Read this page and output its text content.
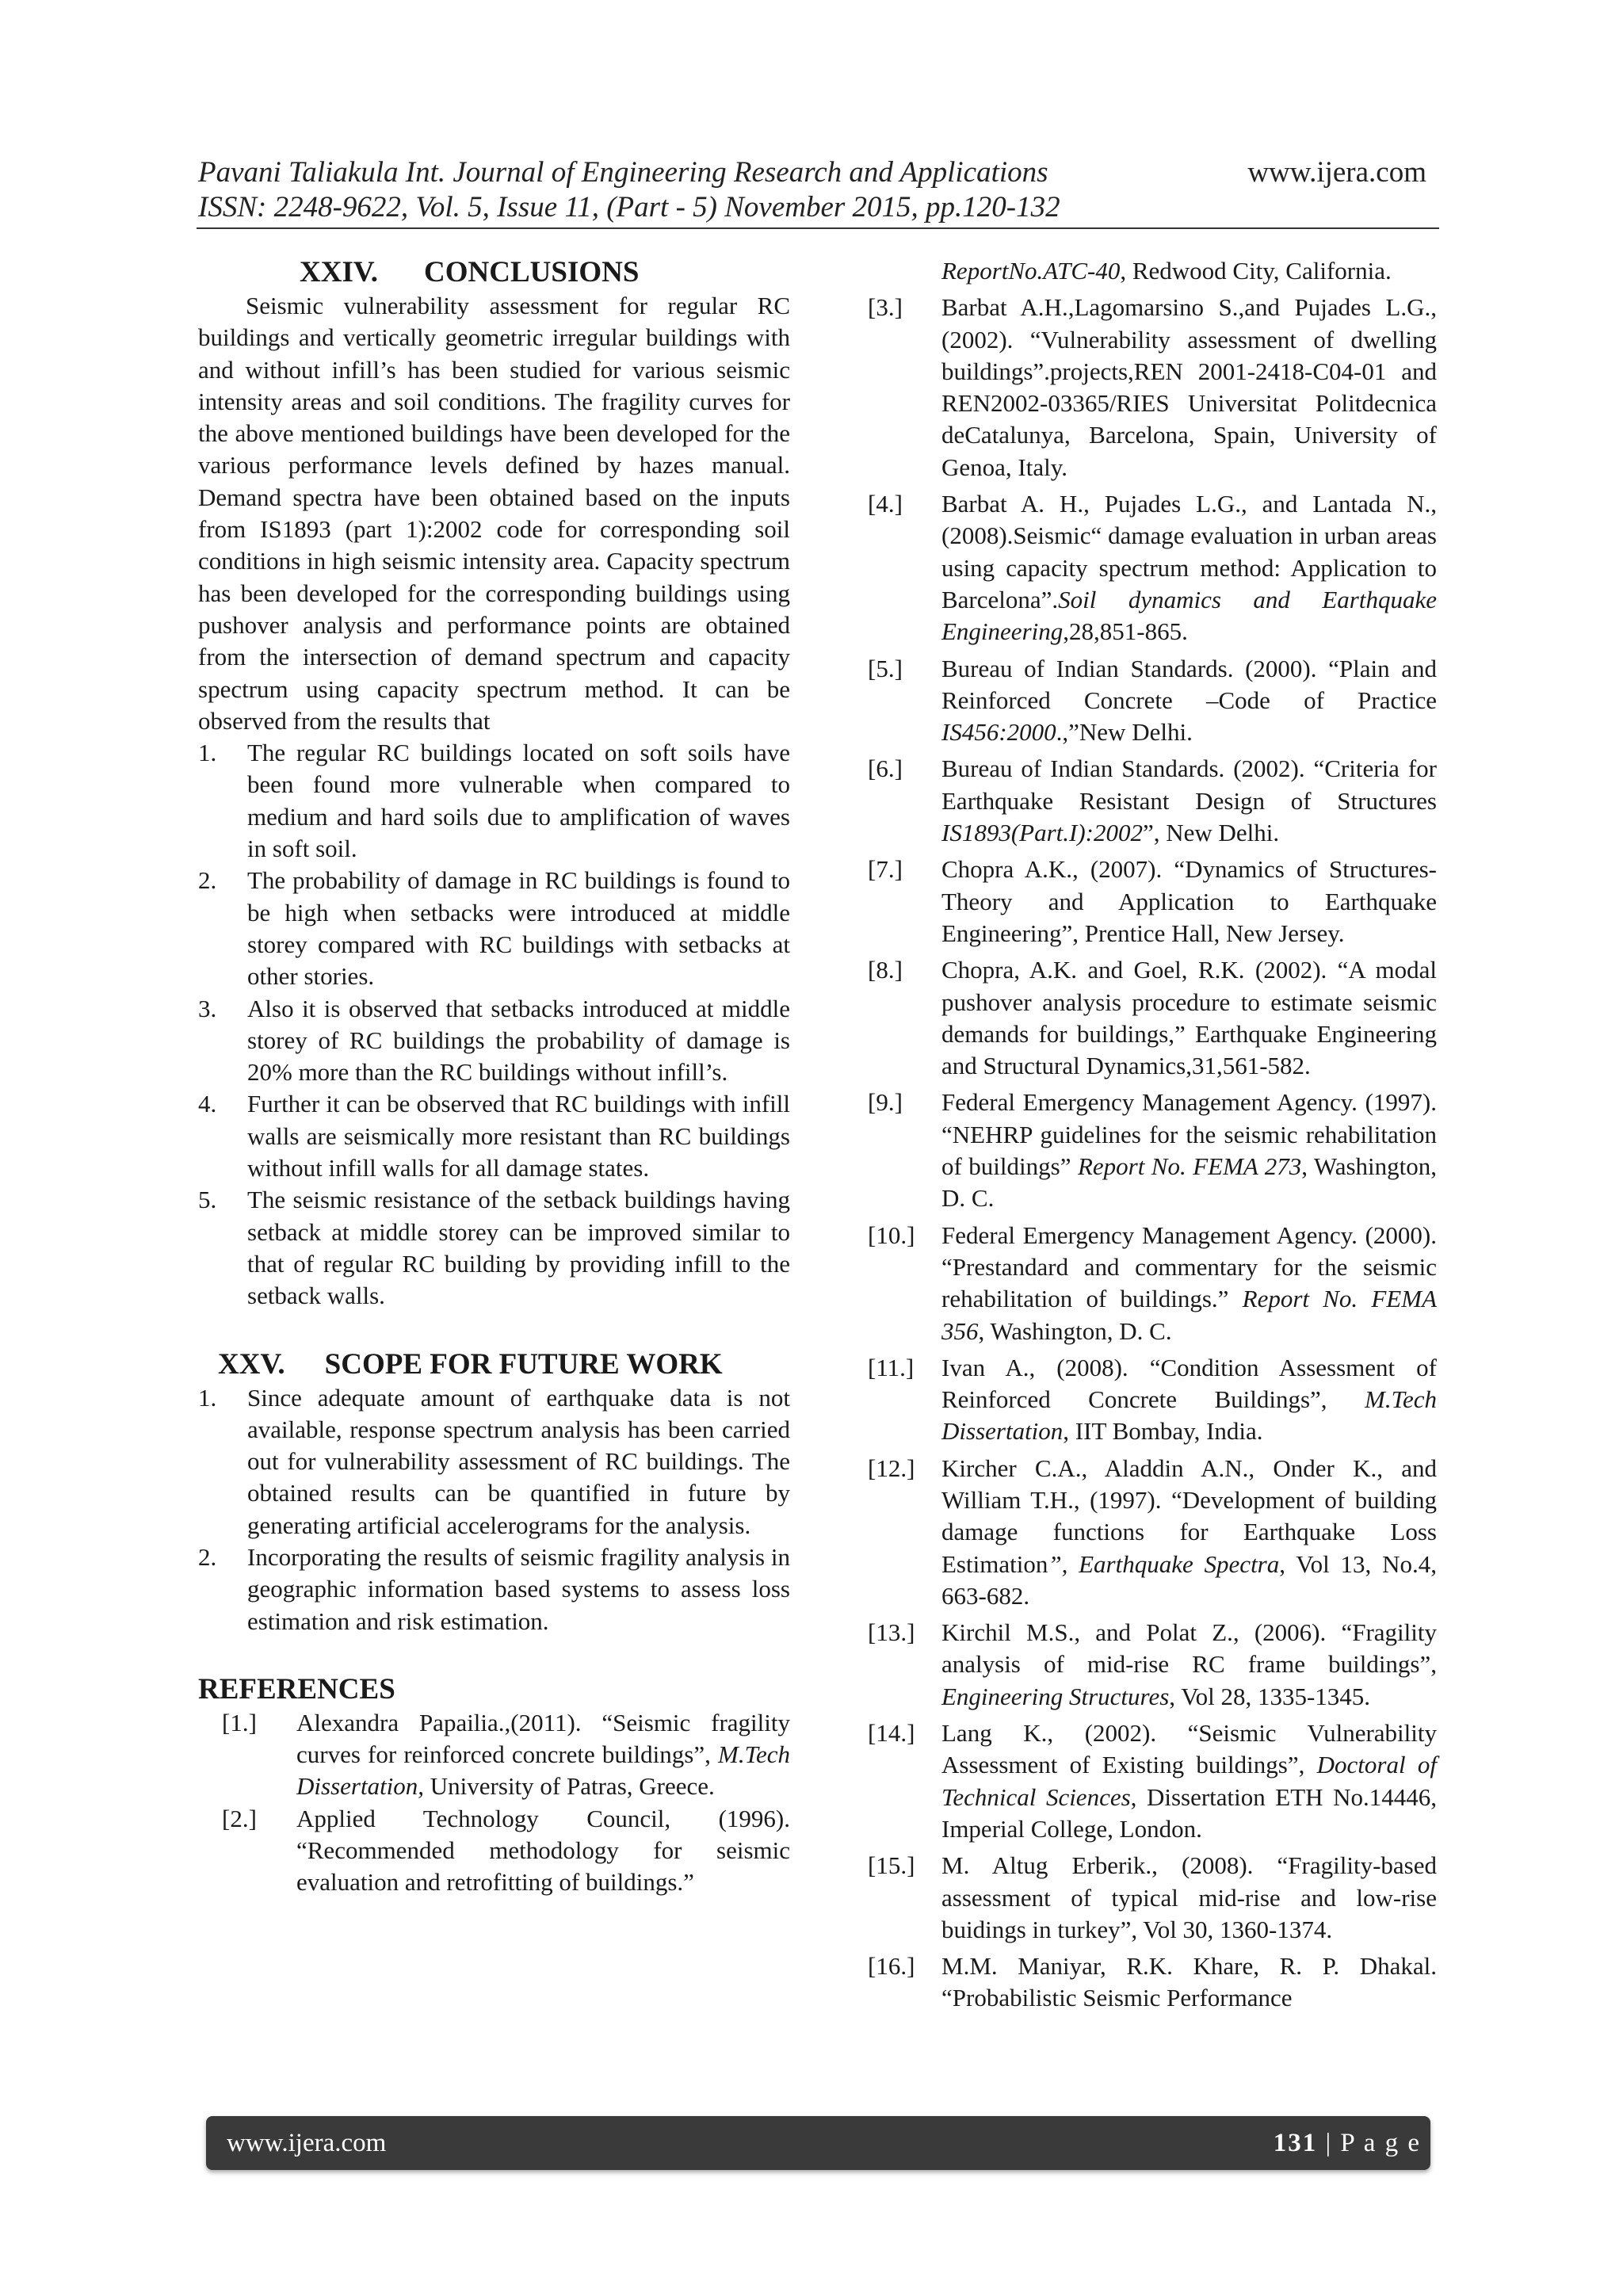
Pavani Taliakula Int. Journal of Engineering Research and Applications
ISSN: 2248-9622, Vol. 5, Issue 11, (Part - 5) November 2015, pp.120-132
www.ijera.com
XXIV. CONCLUSIONS

Seismic vulnerability assessment for regular RC buildings and vertically geometric irregular buildings with and without infill’s has been studied for various seismic intensity areas and soil conditions. The fragility curves for the above mentioned buildings have been developed for the various performance levels defined by hazes manual. Demand spectra have been obtained based on the inputs from IS1893 (part 1):2002 code for corresponding soil conditions in high seismic intensity area. Capacity spectrum has been developed for the corresponding buildings using pushover analysis and performance points are obtained from the intersection of demand spectrum and capacity spectrum using capacity spectrum method. It can be observed from the results that

1. The regular RC buildings located on soft soils have been found more vulnerable when compared to medium and hard soils due to amplification of waves in soft soil.
2. The probability of damage in RC buildings is found to be high when setbacks were introduced at middle storey compared with RC buildings with setbacks at other stories.
3. Also it is observed that setbacks introduced at middle storey of RC buildings the probability of damage is 20% more than the RC buildings without infill’s.
4. Further it can be observed that RC buildings with infill walls are seismically more resistant than RC buildings without infill walls for all damage states.
5. The seismic resistance of the setback buildings having setback at middle storey can be improved similar to that of regular RC building by providing infill to the setback walls.
XXV. SCOPE FOR FUTURE WORK
1. Since adequate amount of earthquake data is not available, response spectrum analysis has been carried out for vulnerability assessment of RC buildings. The obtained results can be quantified in future by generating artificial accelerograms for the analysis.
2. Incorporating the results of seismic fragility analysis in geographic information based systems to assess loss estimation and risk estimation.
REFERENCES
[1.] Alexandra Papailia.,(2011). “Seismic fragility curves for reinforced concrete buildings”, M.Tech Dissertation, University of Patras, Greece.
[2.] Applied Technology Council, (1996). “Recommended methodology for seismic evaluation and retrofitting of buildings.”
ReportNo.ATC-40, Redwood City, California.
[3.] Barbat A.H.,Lagomarsino S.,and Pujades L.G.,(2002). “Vulnerability assessment of dwelling buildings”.projects,REN 2001-2418-C04-01 and REN2002-03365/RIES Universitat Politdecnica deCatalunya, Barcelona, Spain, University of Genoa, Italy.
[4.] Barbat A. H., Pujades L.G., and Lantada N., (2008).Seismic“ damage evaluation in urban areas using capacity spectrum method: Application to Barcelona”.Soil dynamics and Earthquake Engineering,28,851-865.
[5.] Bureau of Indian Standards. (2000). “Plain and Reinforced Concrete –Code of Practice IS456:2000.,”New Delhi.
[6.] Bureau of Indian Standards. (2002). “Criteria for Earthquake Resistant Design of Structures IS1893(Part.I):2002”, New Delhi.
[7.] Chopra A.K., (2007). “Dynamics of Structures-Theory and Application to Earthquake Engineering”, Prentice Hall, New Jersey.
[8.] Chopra, A.K. and Goel, R.K. (2002). “A modal pushover analysis procedure to estimate seismic demands for buildings,” Earthquake Engineering and Structural Dynamics,31,561-582.
[9.] Federal Emergency Management Agency. (1997). “NEHRP guidelines for the seismic rehabilitation of buildings” Report No. FEMA 273, Washington, D. C.
[10.] Federal Emergency Management Agency. (2000). “Prestandard and commentary for the seismic rehabilitation of buildings.” Report No. FEMA 356, Washington, D. C.
[11.] Ivan A., (2008). “Condition Assessment of Reinforced Concrete Buildings”, M.Tech Dissertation, IIT Bombay, India.
[12.] Kircher C.A., Aladdin A.N., Onder K., and William T.H., (1997). “Development of building damage functions for Earthquake Loss Estimation”, Earthquake Spectra, Vol 13, No.4, 663-682.
[13.] Kirchil M.S., and Polat Z., (2006). “Fragility analysis of mid-rise RC frame buildings”, Engineering Structures, Vol 28, 1335-1345.
[14.] Lang K., (2002). “Seismic Vulnerability Assessment of Existing buildings”, Doctoral of Technical Sciences, Dissertation ETH No.14446, Imperial College, London.
[15.] M. Altug Erberik., (2008). “Fragility-based assessment of typical mid-rise and low-rise buidings in turkey”, Vol 30, 1360-1374.
[16.] M.M. Maniyar, R.K. Khare, R. P. Dhakal. “Probabilistic Seismic Performance
www.ijera.com	131 | P a g e
